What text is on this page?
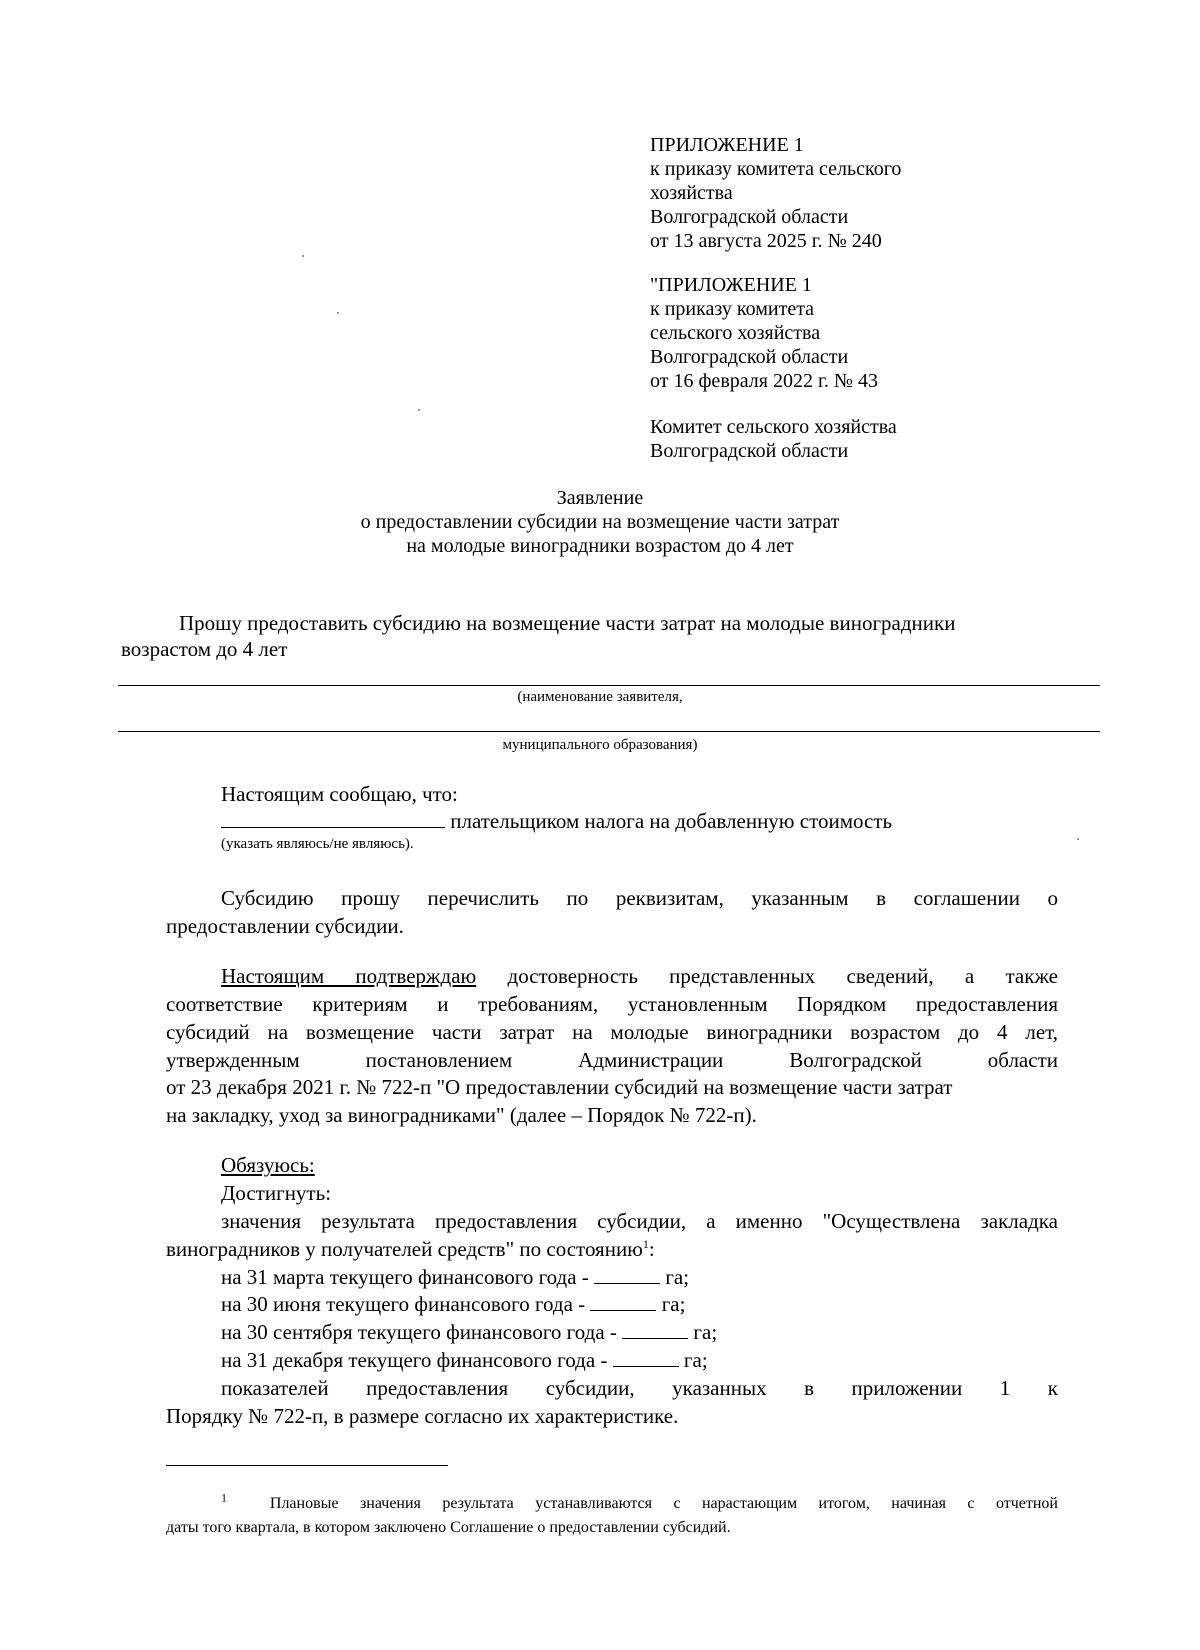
ПРИЛОЖЕНИЕ 1
к приказу комитета сельского
хозяйства
Волгоградской области
от 13 августа 2025 г. № 240
"ПРИЛОЖЕНИЕ 1
к приказу комитета
сельского хозяйства
Волгоградской области
от 16 февраля 2022 г. № 43
Комитет сельского хозяйства
Волгоградской области
Заявление
о предоставлении субсидии на возмещение части затрат
на молодые виноградники возрастом до 4 лет
Прошу предоставить субсидию на возмещение части затрат на молодые виноградники
возрастом до 4 лет
(наименование заявителя,
муниципального образования)
Настоящим сообщаю, что:
плательщиком налога на добавленную стоимость
(указать являюсь/не являюсь).
Субсидию прошу перечислить по реквизитам, указанным в соглашении о
предоставлении субсидии.
Настоящим подтверждаю достоверность представленных сведений, а также
соответствие критериям и требованиям, установленным Порядком предоставления
субсидий на возмещение части затрат на молодые виноградники возрастом до 4 лет,
утвержденным постановлением Администрации Волгоградской области
от 23 декабря 2021 г. № 722-п "О предоставлении субсидий на возмещение части затрат
на закладку, уход за виноградниками" (далее – Порядок № 722-п).
Обязуюсь:
Достигнуть:
значения результата предоставления субсидии, а именно "Осуществлена закладка
виноградников у получателей средств" по состоянию$^1$:
на 31 марта текущего финансового года -	га;
на 30 июня текущего финансового года -	га;
на 30 сентября текущего финансового года -	га;
на 31 декабря текущего финансового года -	га;
показателей предоставления субсидии, указанных в приложении 1 к
Порядку № 722-п, в размере согласно их характеристике.
$^1$	Плановые значения результата устанавливаются с нарастающим итогом, начиная с отчетной
даты того квартала, в котором заключено Соглашение о предоставлении субсидий.
